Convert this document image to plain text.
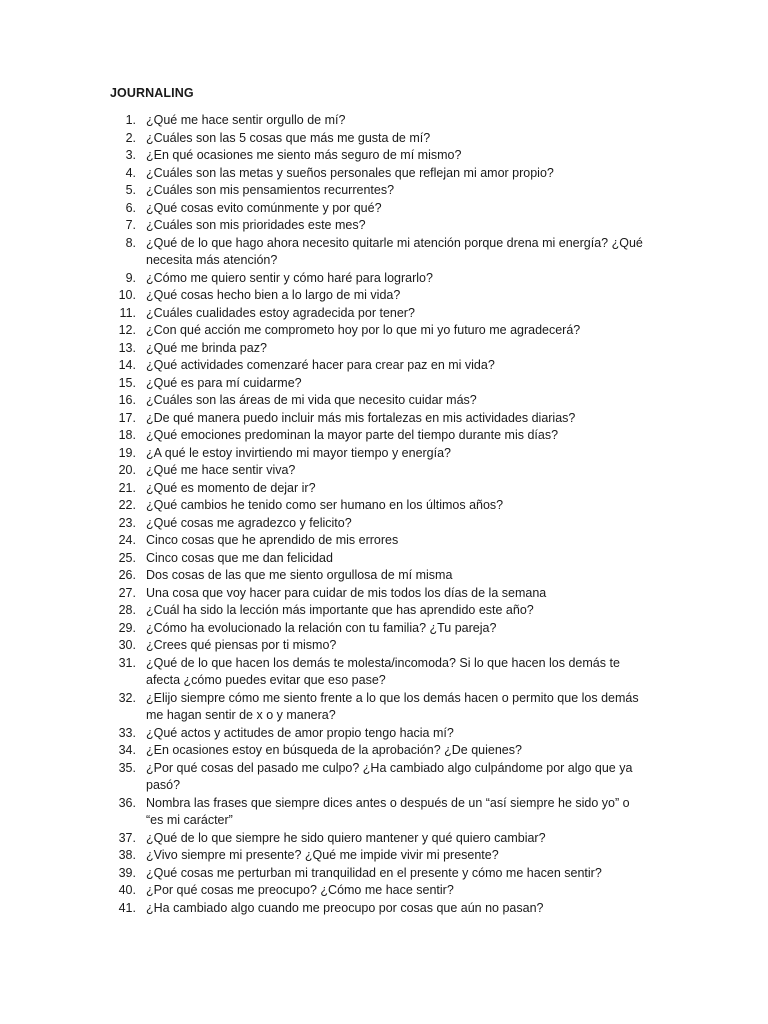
JOURNALING
1. ¿Qué me hace sentir orgullo de mí?
2. ¿Cuáles son las 5 cosas que más me gusta de mí?
3. ¿En qué ocasiones me siento más seguro de mí mismo?
4. ¿Cuáles son las metas y sueños personales que reflejan mi amor propio?
5. ¿Cuáles son mis pensamientos recurrentes?
6. ¿Qué cosas evito comúnmente y por qué?
7. ¿Cuáles son mis prioridades este mes?
8. ¿Qué de lo que hago ahora necesito quitarle mi atención porque drena mi energía? ¿Qué necesita más atención?
9. ¿Cómo me quiero sentir y cómo haré para lograrlo?
10. ¿Qué cosas hecho bien a lo largo de mi vida?
11. ¿Cuáles cualidades estoy agradecida por tener?
12. ¿Con qué acción me comprometo hoy por lo que mi yo futuro me agradecerá?
13. ¿Qué me brinda paz?
14. ¿Qué actividades comenzaré hacer para crear paz en mi vida?
15. ¿Qué es para mí cuidarme?
16. ¿Cuáles son las áreas de mi vida que necesito cuidar más?
17. ¿De qué manera puedo incluir más mis fortalezas en mis actividades diarias?
18. ¿Qué emociones predominan la mayor parte del tiempo durante mis días?
19. ¿A qué le estoy invirtiendo mi mayor tiempo y energía?
20. ¿Qué me hace sentir viva?
21. ¿Qué es momento de dejar ir?
22. ¿Qué cambios he tenido como ser humano en los últimos años?
23. ¿Qué cosas me agradezco y felicito?
24. Cinco cosas que he aprendido de mis errores
25. Cinco cosas que me dan felicidad
26. Dos cosas de las que me siento orgullosa de mí misma
27. Una cosa que voy hacer para cuidar de mis todos los días de la semana
28. ¿Cuál ha sido la lección más importante que has aprendido este año?
29. ¿Cómo ha evolucionado la relación con tu familia? ¿Tu pareja?
30. ¿Crees qué piensas por ti mismo?
31. ¿Qué de lo que hacen los demás te molesta/incomoda? Si lo que hacen los demás te afecta ¿cómo puedes evitar que eso pase?
32. ¿Elijo siempre cómo me siento frente a lo que los demás hacen o permito que los demás me hagan sentir de x o y manera?
33. ¿Qué actos y actitudes de amor propio tengo hacia mí?
34. ¿En ocasiones estoy en búsqueda de la aprobación? ¿De quienes?
35. ¿Por qué cosas del pasado me culpo? ¿Ha cambiado algo culpándome por algo que ya pasó?
36. Nombra las frases que siempre dices antes o después de un “así siempre he sido yo” o “es mi carácter”
37. ¿Qué de lo que siempre he sido quiero mantener y qué quiero cambiar?
38. ¿Vivo siempre mi presente? ¿Qué me impide vivir mi presente?
39. ¿Qué cosas me perturban mi tranquilidad en el presente y cómo me hacen sentir?
40. ¿Por qué cosas me preocupo? ¿Cómo me hace sentir?
41. ¿Ha cambiado algo cuando me preocupo por cosas que aún no pasan?
